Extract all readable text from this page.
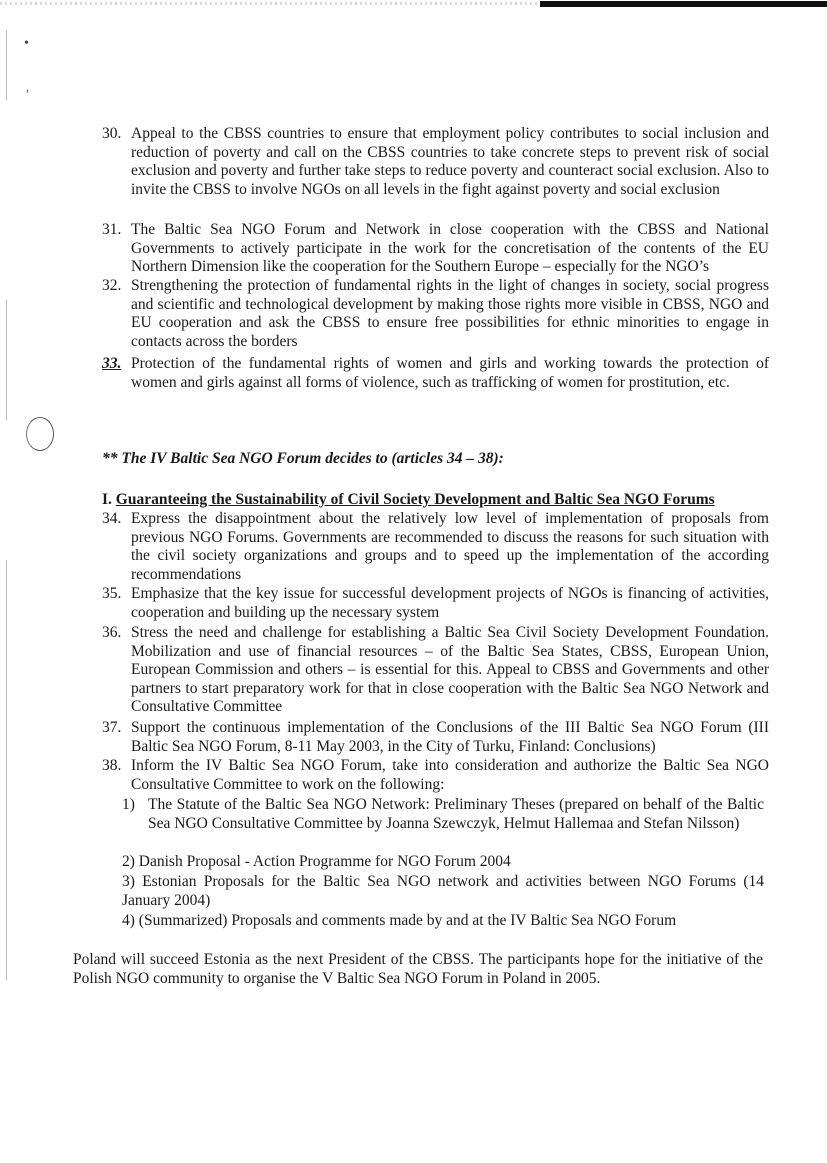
•
,
30. Appeal to the CBSS countries to ensure that employment policy contributes to social inclusion and reduction of poverty and call on the CBSS countries to take concrete steps to prevent risk of social exclusion and poverty and further take steps to reduce poverty and counteract social exclusion. Also to invite the CBSS to involve NGOs on all levels in the fight against poverty and social exclusion
31. The Baltic Sea NGO Forum and Network in close cooperation with the CBSS and National Governments to actively participate in the work for the concretisation of the contents of the EU Northern Dimension like the cooperation for the Southern Europe – especially for the NGO’s
32. Strengthening the protection of fundamental rights in the light of changes in society, social progress and scientific and technological development by making those rights more visible in CBSS, NGO and EU cooperation and ask the CBSS to ensure free possibilities for ethnic minorities to engage in contacts across the borders
33. Protection of the fundamental rights of women and girls and working towards the protection of women and girls against all forms of violence, such as trafficking of women for prostitution, etc.
** The IV Baltic Sea NGO Forum decides to (articles 34 – 38):
I. Guaranteeing the Sustainability of Civil Society Development and Baltic Sea NGO Forums
34. Express the disappointment about the relatively low level of implementation of proposals from previous NGO Forums. Governments are recommended to discuss the reasons for such situation with the civil society organizations and groups and to speed up the implementation of the according recommendations
35. Emphasize that the key issue for successful development projects of NGOs is financing of activities, cooperation and building up the necessary system
36. Stress the need and challenge for establishing a Baltic Sea Civil Society Development Foundation. Mobilization and use of financial resources – of the Baltic Sea States, CBSS, European Union, European Commission and others – is essential for this. Appeal to CBSS and Governments and other partners to start preparatory work for that in close cooperation with the Baltic Sea NGO Network and Consultative Committee
37. Support the continuous implementation of the Conclusions of the III Baltic Sea NGO Forum (III Baltic Sea NGO Forum, 8-11 May 2003, in the City of Turku, Finland: Conclusions)
38. Inform the IV Baltic Sea NGO Forum, take into consideration and authorize the Baltic Sea NGO Consultative Committee to work on the following:
1) The Statute of the Baltic Sea NGO Network: Preliminary Theses (prepared on behalf of the Baltic Sea NGO Consultative Committee by Joanna Szewczyk, Helmut Hallemaa and Stefan Nilsson)
2) Danish Proposal - Action Programme for NGO Forum 2004
3) Estonian Proposals for the Baltic Sea NGO network and activities between NGO Forums (14 January 2004)
4) (Summarized) Proposals and comments made by and at the IV Baltic Sea NGO Forum
Poland will succeed Estonia as the next President of the CBSS. The participants hope for the initiative of the Polish NGO community to organise the V Baltic Sea NGO Forum in Poland in 2005.
